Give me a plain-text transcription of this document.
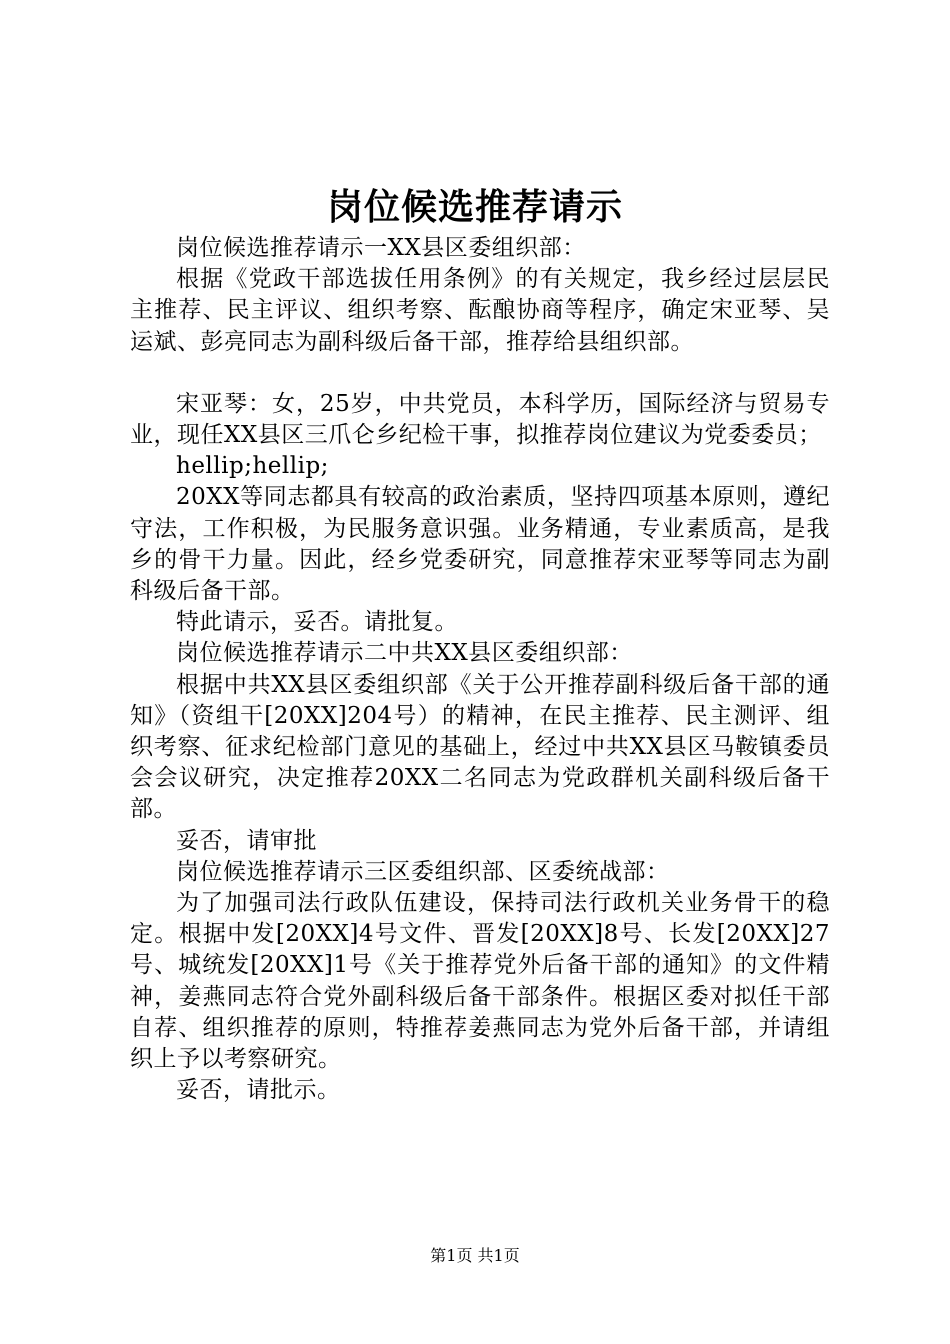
岗位候选推荐请示

岗位候选推荐请示一XX县区委组织部：

根据《党政干部选拔任用条例》的有关规定，我乡经过层层民主推荐、民主评议、组织考察、酝酿协商等程序，确定宋亚琴、吴运斌、彭亮同志为副科级后备干部，推荐给县组织部。

宋亚琴：女，25岁，中共党员，本科学历，国际经济与贸易专业，现任XX县区三爪仑乡纪检干事，拟推荐岗位建议为党委委员；

hellip;hellip;

20XX等同志都具有较高的政治素质，坚持四项基本原则，遵纪守法，工作积极，为民服务意识强。业务精通，专业素质高，是我乡的骨干力量。因此，经乡党委研究，同意推荐宋亚琴等同志为副科级后备干部。

特此请示，妥否。请批复。

岗位候选推荐请示二中共XX县区委组织部：

根据中共XX县区委组织部《关于公开推荐副科级后备干部的通知》（资组干[20XX]204号）的精神，在民主推荐、民主测评、组织考察、征求纪检部门意见的基础上，经过中共XX县区马鞍镇委员会会议研究，决定推荐20XX二名同志为党政群机关副科级后备干部。

妥否，请审批

岗位候选推荐请示三区委组织部、区委统战部：

为了加强司法行政队伍建设，保持司法行政机关业务骨干的稳定。根据中发[20XX]4号文件、晋发[20XX]8号、长发[20XX]27号、城统发[20XX]1号《关于推荐党外后备干部的通知》的文件精神，姜燕同志符合党外副科级后备干部条件。根据区委对拟任干部自荐、组织推荐的原则，特推荐姜燕同志为党外后备干部，并请组织上予以考察研究。

妥否，请批示。

第1页 共1页
